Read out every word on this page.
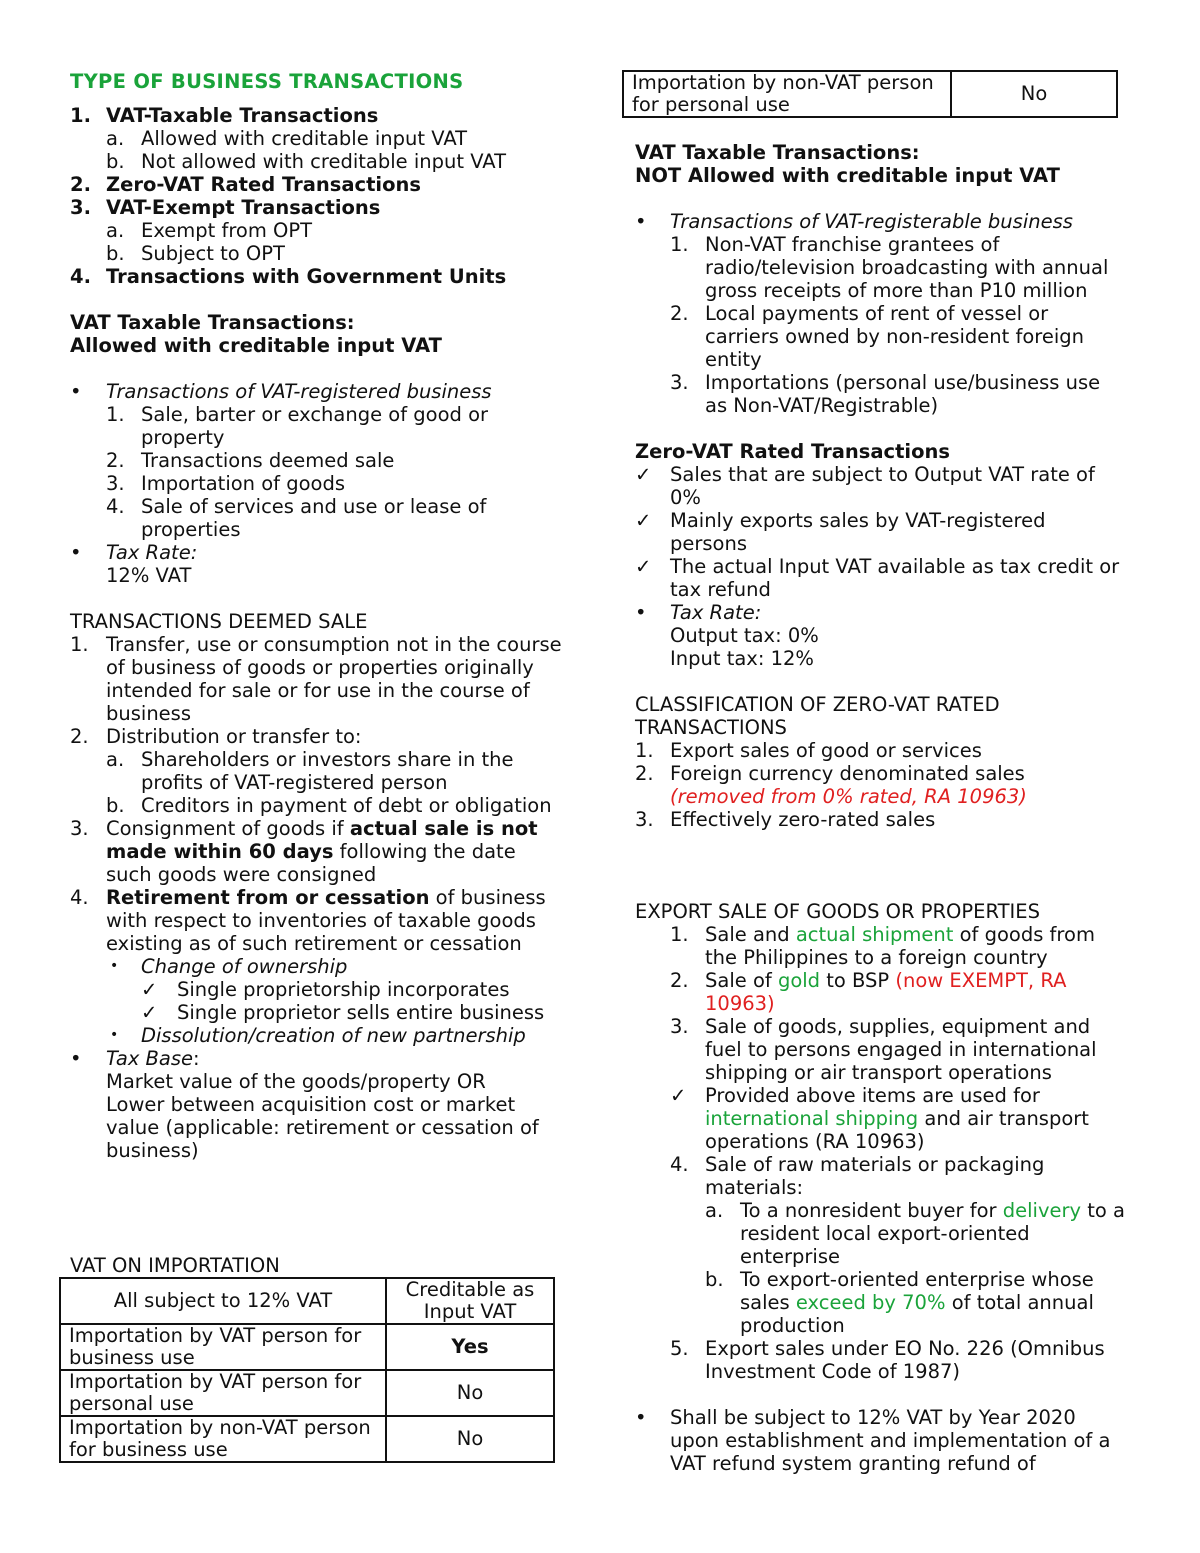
TYPE OF BUSINESS TRANSACTIONS
1. VAT-Taxable Transactions
a. Allowed with creditable input VAT
b. Not allowed with creditable input VAT
2. Zero-VAT Rated Transactions
3. VAT-Exempt Transactions
a. Exempt from OPT
b. Subject to OPT
4. Transactions with Government Units
VAT Taxable Transactions:
Allowed with creditable input VAT
• Transactions of VAT-registered business
1. Sale, barter or exchange of good or
property
2. Transactions deemed sale
3. Importation of goods
4. Sale of services and use or lease of
properties
• Tax Rate:
12% VAT
TRANSACTIONS DEEMED SALE
1. Transfer, use or consumption not in the course
of business of goods or properties originally
intended for sale or for use in the course of
business
2. Distribution or transfer to:
a. Shareholders or investors share in the
profits of VAT-registered person
b. Creditors in payment of debt or obligation
3. Consignment of goods if actual sale is not
made within 60 days following the date
such goods were consigned
4. Retirement from or cessation of business
with respect to inventories of taxable goods
existing as of such retirement or cessation
• Change of ownership
✓ Single proprietorship incorporates
✓ Single proprietor sells entire business
• Dissolution/creation of new partnership
• Tax Base:
Market value of the goods/property OR
Lower between acquisition cost or market
value (applicable: retirement or cessation of
business)
VAT ON IMPORTATION
All subject to 12% VAT	Creditable as
Input VAT

Importation by VAT person for
business use	Yes

Importation by VAT person for
personal use	No

Importation by non-VAT person
for business use	No
Importation by non-VAT person
for personal use	No
VAT Taxable Transactions:
NOT Allowed with creditable input VAT
• Transactions of VAT-registerable business
1. Non-VAT franchise grantees of
radio/television broadcasting with annual
gross receipts of more than P10 million
2. Local payments of rent of vessel or
carriers owned by non-resident foreign
entity
3. Importations (personal use/business use
as Non-VAT/Registrable)
Zero-VAT Rated Transactions
✓ Sales that are subject to Output VAT rate of
0%
✓ Mainly exports sales by VAT-registered
persons
✓ The actual Input VAT available as tax credit or
tax refund
• Tax Rate:
Output tax: 0%
Input tax: 12%
CLASSIFICATION OF ZERO-VAT RATED
TRANSACTIONS
1. Export sales of good or services
2. Foreign currency denominated sales
(removed from 0% rated, RA 10963)
3. Effectively zero-rated sales
EXPORT SALE OF GOODS OR PROPERTIES
1. Sale and actual shipment of goods from
the Philippines to a foreign country
2. Sale of gold to BSP (now EXEMPT, RA
10963)
3. Sale of goods, supplies, equipment and
fuel to persons engaged in international
shipping or air transport operations
✓ Provided above items are used for
international shipping and air transport
operations (RA 10963)
4. Sale of raw materials or packaging
materials:
a. To a nonresident buyer for delivery to a
resident local export-oriented
enterprise
b. To export-oriented enterprise whose
sales exceed by 70% of total annual
production
5. Export sales under EO No. 226 (Omnibus
Investment Code of 1987)
• Shall be subject to 12% VAT by Year 2020
upon establishment and implementation of a
VAT refund system granting refund of
